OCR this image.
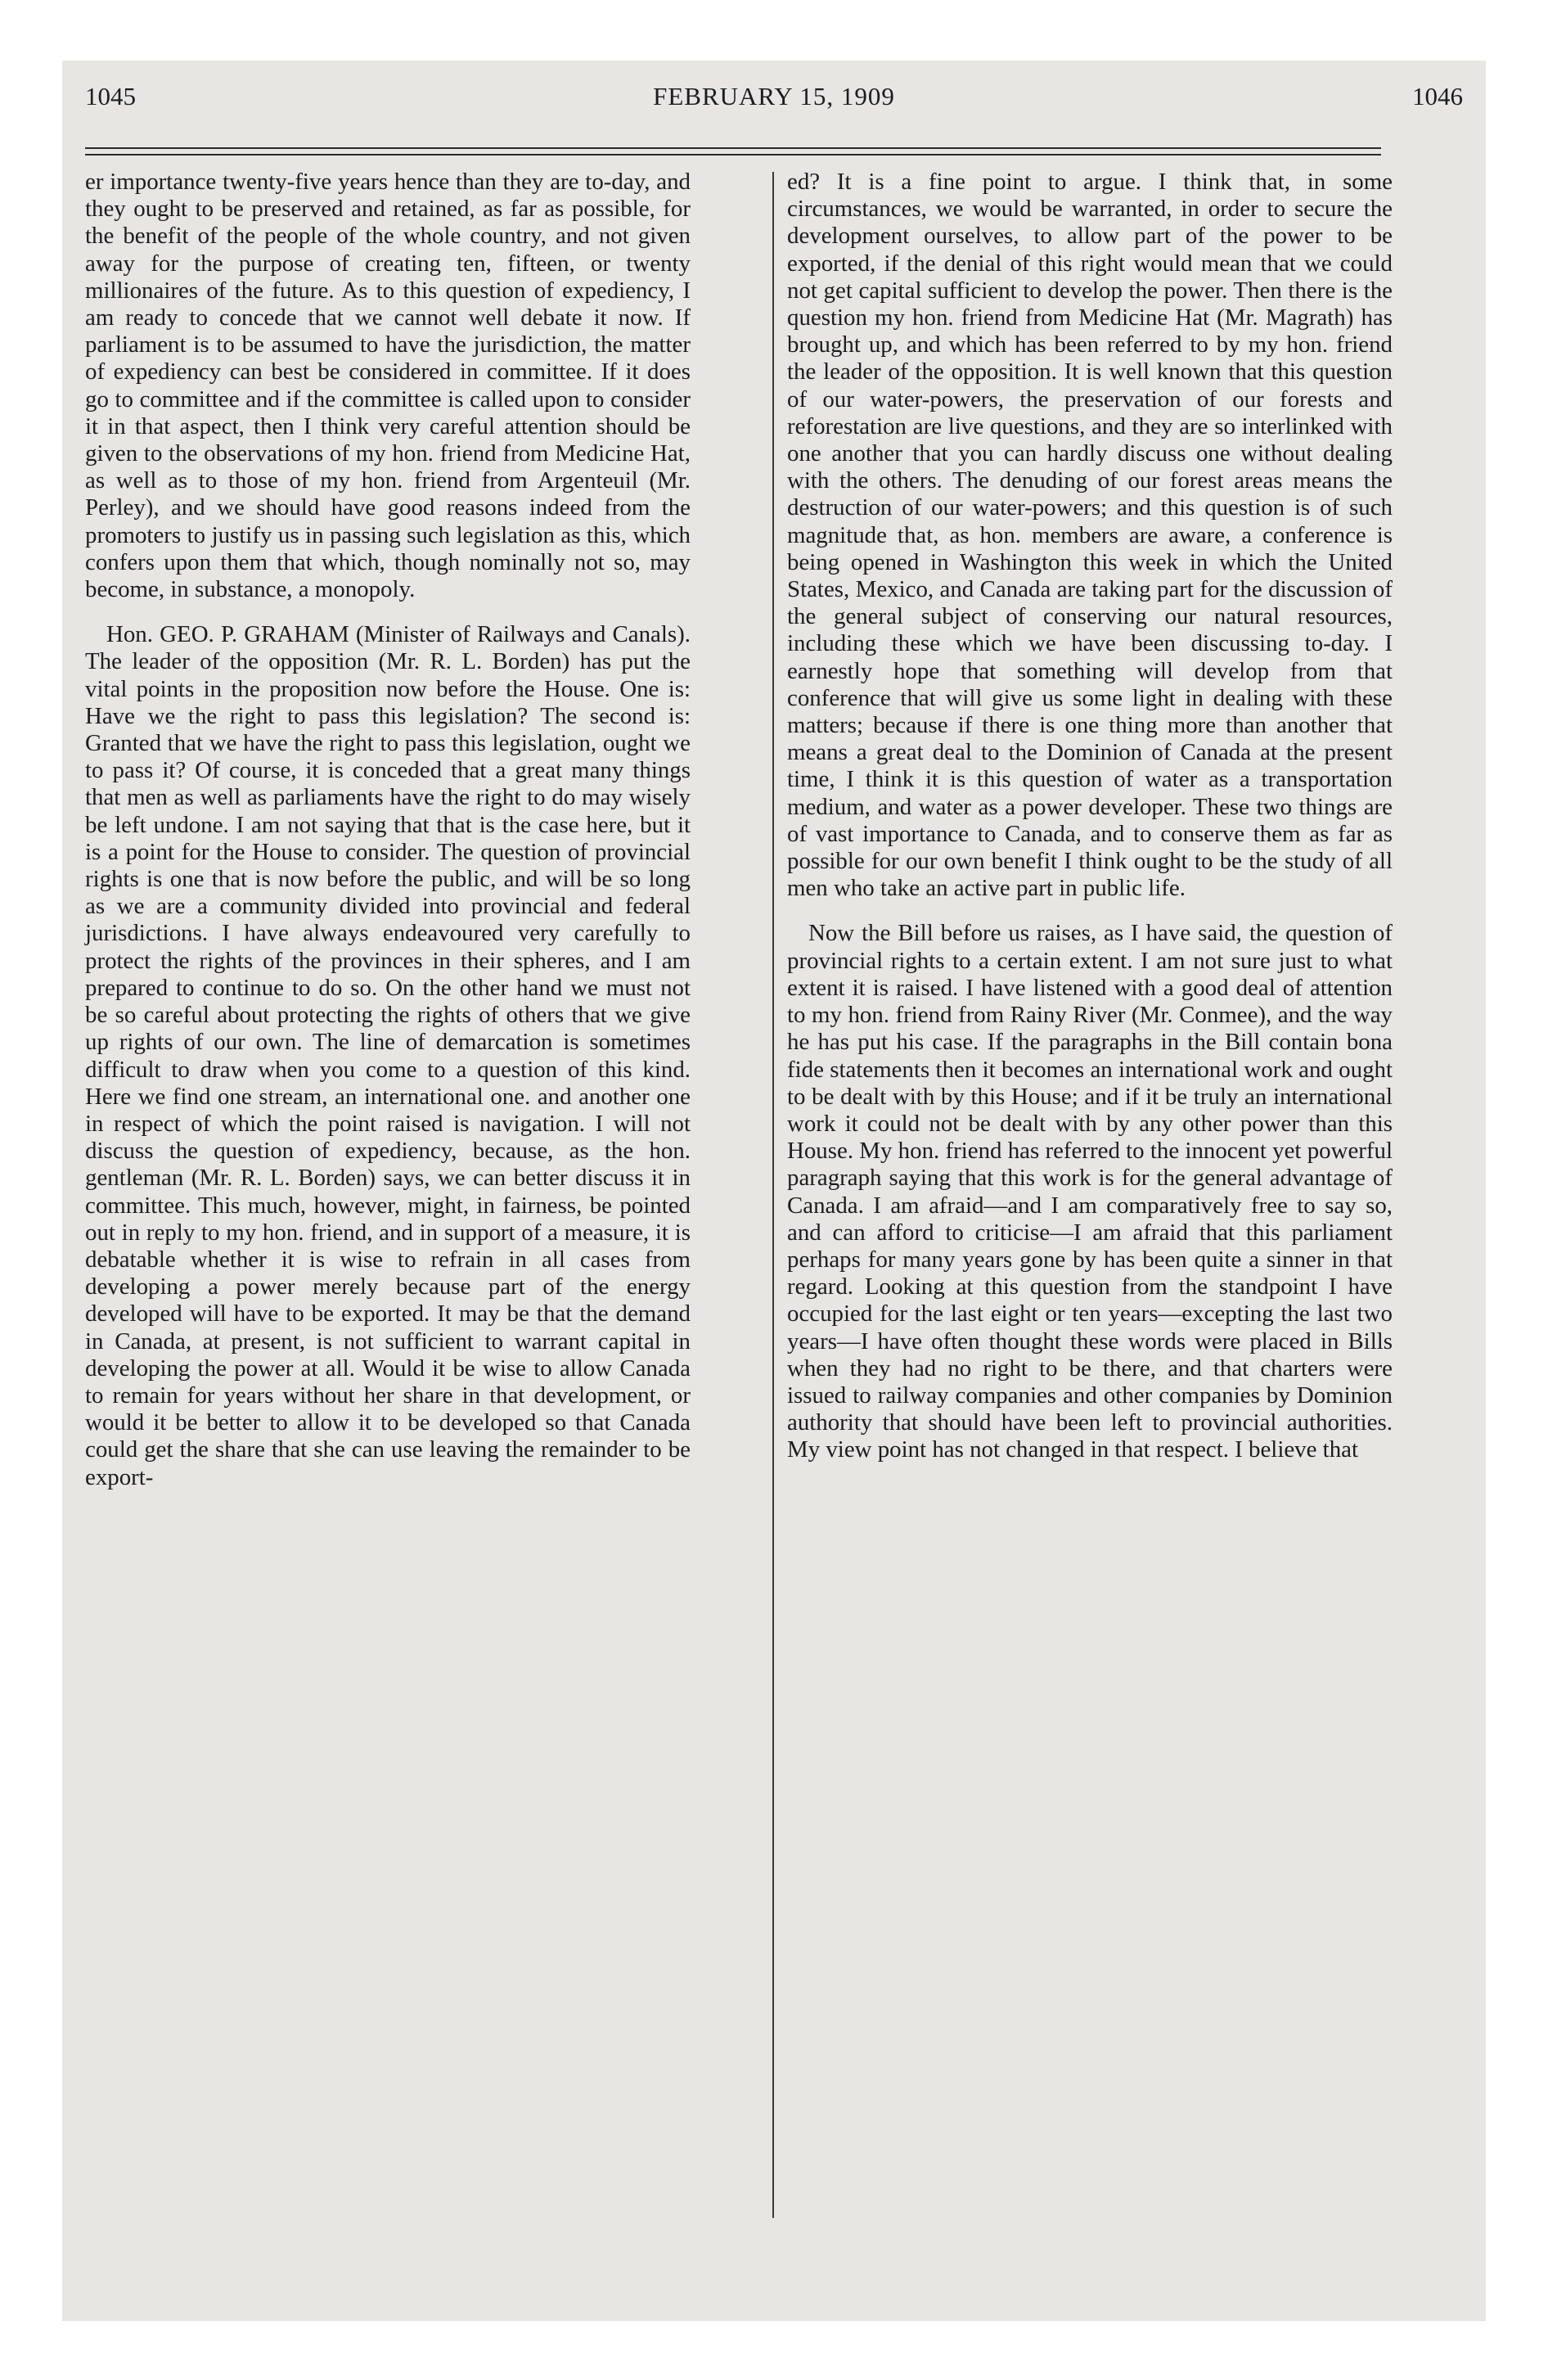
1045	FEBRUARY 15, 1909	1046

er importance twenty-five years hence than they are to-day, and they ought to be preserved and retained, as far as possible, for the benefit of the people of the whole country, and not given away for the purpose of creating ten, fifteen, or twenty millionaires of the future. As to this question of expediency, I am ready to concede that we cannot well debate it now. If parliament is to be assumed to have the jurisdiction, the matter of expediency can best be considered in committee. If it does go to committee and if the committee is called upon to consider it in that aspect, then I think very careful attention should be given to the observations of my hon. friend from Medicine Hat, as well as to those of my hon. friend from Argenteuil (Mr. Perley), and we should have good reasons indeed from the promoters to justify us in passing such legislation as this, which confers upon them that which, though nominally not so, may become, in substance, a monopoly.

Hon. GEO. P. GRAHAM (Minister of Railways and Canals). The leader of the opposition (Mr. R. L. Borden) has put the vital points in the proposition now before the House. One is: Have we the right to pass this legislation? The second is: Granted that we have the right to pass this legislation, ought we to pass it? Of course, it is conceded that a great many things that men as well as parliaments have the right to do may wisely be left undone. I am not saying that that is the case here, but it is a point for the House to consider. The question of provincial rights is one that is now before the public, and will be so long as we are a community divided into provincial and federal jurisdictions. I have always endeavoured very carefully to protect the rights of the provinces in their spheres, and I am prepared to continue to do so. On the other hand we must not be so careful about protecting the rights of others that we give up rights of our own. The line of demarcation is sometimes difficult to draw when you come to a question of this kind. Here we find one stream, an international one. and another one in respect of which the point raised is navigation. I will not discuss the question of expediency, because, as the hon. gentleman (Mr. R. L. Borden) says, we can better discuss it in committee. This much, however, might, in fairness, be pointed out in reply to my hon. friend, and in support of a measure, it is debatable whether it is wise to refrain in all cases from developing a power merely because part of the energy developed will have to be exported. It may be that the demand in Canada, at present, is not sufficient to warrant capital in developing the power at all. Would it be wise to allow Canada to remain for years without her share in that development, or would it be better to allow it to be developed so that Canada could get the share that she can use leaving the remainder to be export-

ed? It is a fine point to argue. I think that, in some circumstances, we would be warranted, in order to secure the development ourselves, to allow part of the power to be exported, if the denial of this right would mean that we could not get capital sufficient to develop the power. Then there is the question my hon. friend from Medicine Hat (Mr. Magrath) has brought up, and which has been referred to by my hon. friend the leader of the opposition. It is well known that this question of our water-powers, the preservation of our forests and reforestation are live questions, and they are so interlinked with one another that you can hardly discuss one without dealing with the others. The denuding of our forest areas means the destruction of our water-powers; and this question is of such magnitude that, as hon. members are aware, a conference is being opened in Washington this week in which the United States, Mexico, and Canada are taking part for the discussion of the general subject of conserving our natural resources, including these which we have been discussing to-day. I earnestly hope that something will develop from that conference that will give us some light in dealing with these matters; because if there is one thing more than another that means a great deal to the Dominion of Canada at the present time, I think it is this question of water as a transportation medium, and water as a power developer. These two things are of vast importance to Canada, and to conserve them as far as possible for our own benefit I think ought to be the study of all men who take an active part in public life.

Now the Bill before us raises, as I have said, the question of provincial rights to a certain extent. I am not sure just to what extent it is raised. I have listened with a good deal of attention to my hon. friend from Rainy River (Mr. Conmee), and the way he has put his case. If the paragraphs in the Bill contain bona fide statements then it becomes an international work and ought to be dealt with by this House; and if it be truly an international work it could not be dealt with by any other power than this House. My hon. friend has referred to the innocent yet powerful paragraph saying that this work is for the general advantage of Canada. I am afraid—and I am comparatively free to say so, and can afford to criticise—I am afraid that this parliament perhaps for many years gone by has been quite a sinner in that regard. Looking at this question from the standpoint I have occupied for the last eight or ten years—excepting the last two years—I have often thought these words were placed in Bills when they had no right to be there, and that charters were issued to railway companies and other companies by Dominion authority that should have been left to provincial authorities. My view point has not changed in that respect. I believe that
